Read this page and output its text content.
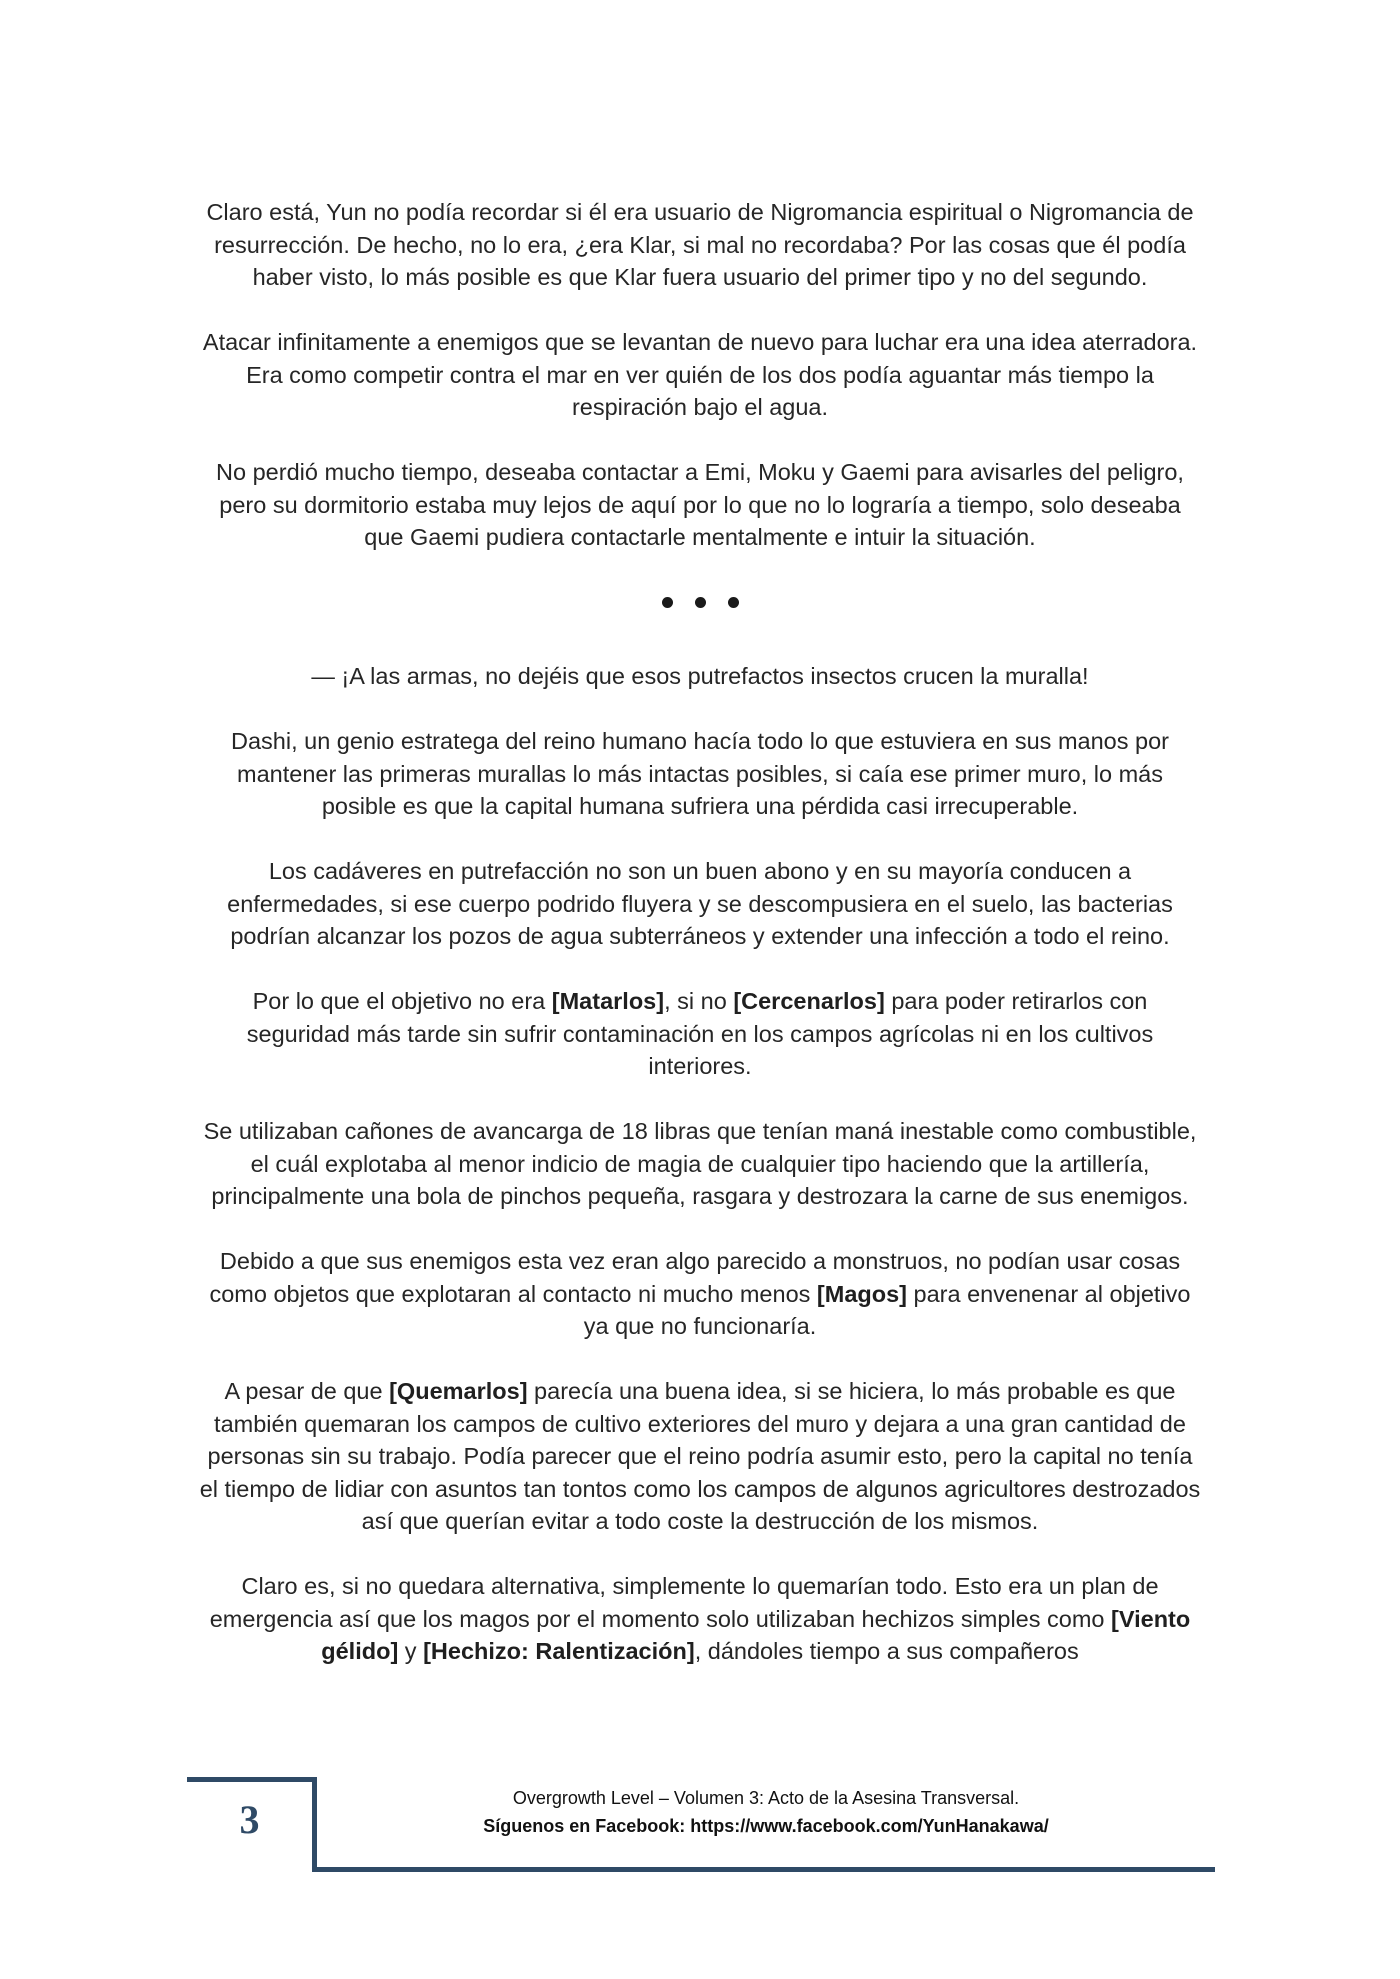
Claro está, Yun no podía recordar si él era usuario de Nigromancia espiritual o Nigromancia de resurrección. De hecho, no lo era, ¿era Klar, si mal no recordaba? Por las cosas que él podía haber visto, lo más posible es que Klar fuera usuario del primer tipo y no del segundo.

Atacar infinitamente a enemigos que se levantan de nuevo para luchar era una idea aterradora. Era como competir contra el mar en ver quién de los dos podía aguantar más tiempo la respiración bajo el agua.

No perdió mucho tiempo, deseaba contactar a Emi, Moku y Gaemi para avisarles del peligro, pero su dormitorio estaba muy lejos de aquí por lo que no lo lograría a tiempo, solo deseaba que Gaemi pudiera contactarle mentalmente e intuir la situación.

— ¡A las armas, no dejéis que esos putrefactos insectos crucen la muralla!

Dashi, un genio estratega del reino humano hacía todo lo que estuviera en sus manos por mantener las primeras murallas lo más intactas posibles, si caía ese primer muro, lo más posible es que la capital humana sufriera una pérdida casi irrecuperable.

Los cadáveres en putrefacción no son un buen abono y en su mayoría conducen a enfermedades, si ese cuerpo podrido fluyera y se descompusiera en el suelo, las bacterias podrían alcanzar los pozos de agua subterráneos y extender una infección a todo el reino.

Por lo que el objetivo no era [Matarlos], si no [Cercenarlos] para poder retirarlos con seguridad más tarde sin sufrir contaminación en los campos agrícolas ni en los cultivos interiores.

Se utilizaban cañones de avancarga de 18 libras que tenían maná inestable como combustible, el cuál explotaba al menor indicio de magia de cualquier tipo haciendo que la artillería, principalmente una bola de pinchos pequeña, rasgara y destrozara la carne de sus enemigos.

Debido a que sus enemigos esta vez eran algo parecido a monstruos, no podían usar cosas como objetos que explotaran al contacto ni mucho menos [Magos] para envenenar al objetivo ya que no funcionaría.

A pesar de que [Quemarlos] parecía una buena idea, si se hiciera, lo más probable es que también quemaran los campos de cultivo exteriores del muro y dejara a una gran cantidad de personas sin su trabajo. Podía parecer que el reino podría asumir esto, pero la capital no tenía el tiempo de lidiar con asuntos tan tontos como los campos de algunos agricultores destrozados así que querían evitar a todo coste la destrucción de los mismos.

Claro es, si no quedara alternativa, simplemente lo quemarían todo. Esto era un plan de emergencia así que los magos por el momento solo utilizaban hechizos simples como [Viento gélido] y [Hechizo: Ralentización], dándoles tiempo a sus compañeros

3	Overgrowth Level – Volumen 3: Acto de la Asesina Transversal.
Síguenos en Facebook: https://www.facebook.com/YunHanakawa/
